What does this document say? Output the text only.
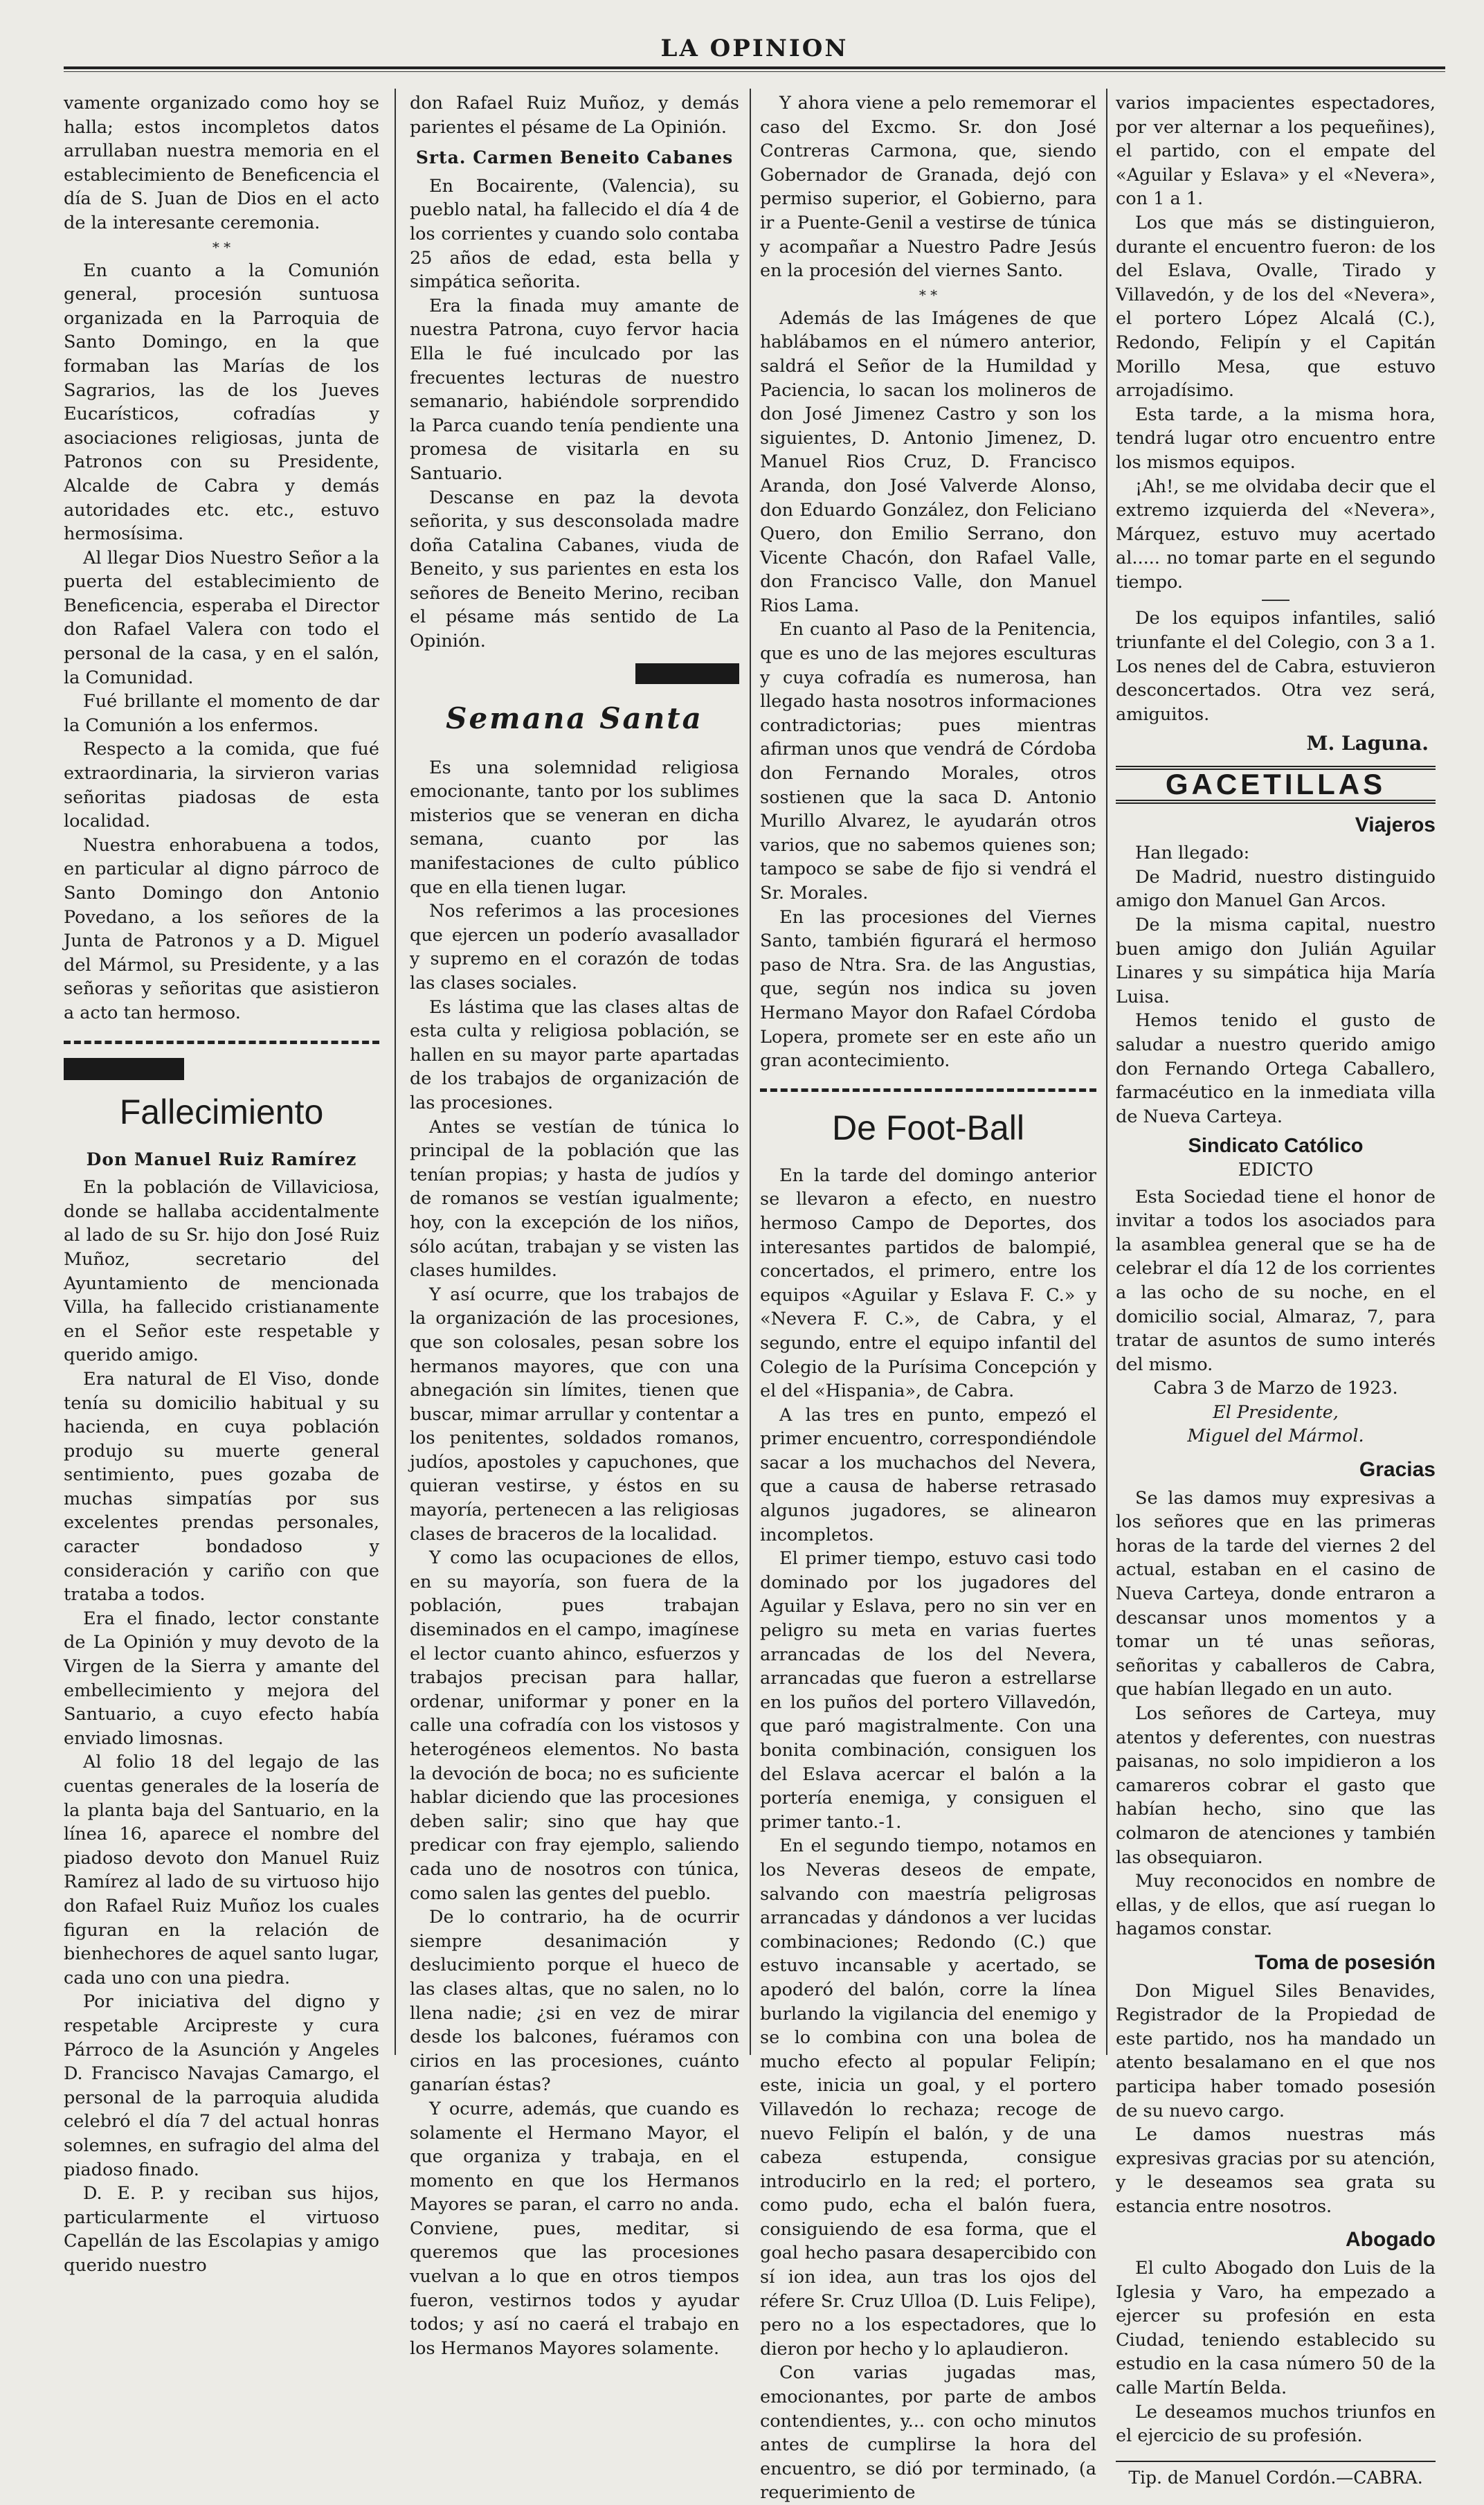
LA OPINION

vamente organizado como hoy se halla; estos incompletos datos arrullaban nuestra memoria en el establecimiento de Beneficencia el día de S. Juan de Dios en el acto de la interesante ceremonia.

* *

En cuanto a la Comunión general, procesión suntuosa organizada en la Parroquia de Santo Domingo, en la que formaban las Marías de los Sagrarios, las de los Jueves Eucarísticos, cofradías y asociaciones religiosas, junta de Patronos con su Presidente, Alcalde de Cabra y demás autoridades etc. etc., estuvo hermosísima.

Al llegar Dios Nuestro Señor a la puerta del establecimiento de Beneficencia, esperaba el Director don Rafael Valera con todo el personal de la casa, y en el salón, la Comunidad.

Fué brillante el momento de dar la Comunión a los enfermos.

Respecto a la comida, que fué extraordinaria, la sirvieron varias señoritas piadosas de esta localidad.

Nuestra enhorabuena a todos, en particular al digno párroco de Santo Domingo don Antonio Povedano, a los señores de la Junta de Patronos y a D. Miguel del Mármol, su Presidente, y a las señoras y señoritas que asistieron a acto tan hermoso.

Fallecimiento
Don Manuel Ruiz Ramírez

En la población de Villaviciosa, donde se hallaba accidentalmente al lado de su Sr. hijo don José Ruiz Muñoz, secretario del Ayuntamiento de mencionada Villa, ha fallecido cristianamente en el Señor este respetable y querido amigo.

Era natural de El Viso, donde tenía su domicilio habitual y su hacienda, en cuya población produjo su muerte general sentimiento, pues gozaba de muchas simpatías por sus excelentes prendas personales, caracter bondadoso y consideración y cariño con que trataba a todos.

Era el finado, lector constante de La Opinión y muy devoto de la Virgen de la Sierra y amante del embellecimiento y mejora del Santuario, a cuyo efecto había enviado limosnas.

Al folio 18 del legajo de las cuentas generales de la losería de la planta baja del Santuario, en la línea 16, aparece el nombre del piadoso devoto don Manuel Ruiz Ramírez al lado de su virtuoso hijo don Rafael Ruiz Muñoz los cuales figuran en la relación de bienhechores de aquel santo lugar, cada uno con una piedra.

Por iniciativa del digno y respetable Arcipreste y cura Párroco de la Asunción y Angeles D. Francisco Navajas Camargo, el personal de la parroquia aludida celebró el día 7 del actual honras solemnes, en sufragio del alma del piadoso finado.

D. E. P. y reciban sus hijos, particularmente el virtuoso Capellán de las Escolapias y amigo querido nuestro

don Rafael Ruiz Muñoz, y demás parientes el pésame de La Opinión.

Srta. Carmen Beneito Cabanes

En Bocairente, (Valencia), su pueblo natal, ha fallecido el día 4 de los corrientes y cuando solo contaba 25 años de edad, esta bella y simpática señorita.

Era la finada muy amante de nuestra Patrona, cuyo fervor hacia Ella le fué inculcado por las frecuentes lecturas de nuestro semanario, habiéndole sorprendido la Parca cuando tenía pendiente una promesa de visitarla en su Santuario.

Descanse en paz la devota señorita, y sus desconsolada madre doña Catalina Cabanes, viuda de Beneito, y sus parientes en esta los señores de Beneito Merino, reciban el pésame más sentido de La Opinión.

Semana Santa

Es una solemnidad religiosa emocionante, tanto por los sublimes misterios que se veneran en dicha semana, cuanto por las manifestaciones de culto público que en ella tienen lugar.

Nos referimos a las procesiones que ejercen un poderío avasallador y supremo en el corazón de todas las clases sociales.

Es lástima que las clases altas de esta culta y religiosa población, se hallen en su mayor parte apartadas de los trabajos de organización de las procesiones.

Antes se vestían de túnica lo principal de la población que las tenían propias; y hasta de judíos y de romanos se vestían igualmente; hoy, con la excepción de los niños, sólo acútan, trabajan y se visten las clases humildes.

Y así ocurre, que los trabajos de la organización de las procesiones, que son colosales, pesan sobre los hermanos mayores, que con una abnegación sin límites, tienen que buscar, mimar arrullar y contentar a los penitentes, soldados romanos, judíos, apostoles y capuchones, que quieran vestirse, y éstos en su mayoría, pertenecen a las religiosas clases de braceros de la localidad.

Y como las ocupaciones de ellos, en su mayoría, son fuera de la población, pues trabajan diseminados en el campo, imagínese el lector cuanto ahinco, esfuerzos y trabajos precisan para hallar, ordenar, uniformar y poner en la calle una cofradía con los vistosos y heterogéneos elementos. No basta la devoción de boca; no es suficiente hablar diciendo que las procesiones deben salir; sino que hay que predicar con fray ejemplo, saliendo cada uno de nosotros con túnica, como salen las gentes del pueblo.

De lo contrario, ha de ocurrir siempre desanimación y deslucimiento porque el hueco de las clases altas, que no salen, no lo llena nadie; ¿si en vez de mirar desde los balcones, fuéramos con cirios en las procesiones, cuánto ganarían éstas?

Y ocurre, además, que cuando es solamente el Hermano Mayor, el que organiza y trabaja, en el momento en que los Hermanos Mayores se paran, el carro no anda. Conviene, pues, meditar, si queremos que las procesiones vuelvan a lo que en otros tiempos fueron, vestirnos todos y ayudar todos; y así no caerá el trabajo en los Hermanos Mayores solamente.

Y ahora viene a pelo rememorar el caso del Excmo. Sr. don José Contreras Carmona, que, siendo Gobernador de Granada, dejó con permiso superior, el Gobierno, para ir a Puente-Genil a vestirse de túnica y acompañar a Nuestro Padre Jesús en la procesión del viernes Santo.

* *

Además de las Imágenes de que hablábamos en el número anterior, saldrá el Señor de la Humildad y Paciencia, lo sacan los molineros de don José Jimenez Castro y son los siguientes, D. Antonio Jimenez, D. Manuel Rios Cruz, D. Francisco Aranda, don José Valverde Alonso, don Eduardo González, don Feliciano Quero, don Emilio Serrano, don Vicente Chacón, don Rafael Valle, don Francisco Valle, don Manuel Rios Lama.

En cuanto al Paso de la Penitencia, que es uno de las mejores esculturas y cuya cofradía es numerosa, han llegado hasta nosotros informaciones contradictorias; pues mientras afirman unos que vendrá de Córdoba don Fernando Morales, otros sostienen que la saca D. Antonio Murillo Alvarez, le ayudarán otros varios, que no sabemos quienes son; tampoco se sabe de fijo si vendrá el Sr. Morales.

En las procesiones del Viernes Santo, también figurará el hermoso paso de Ntra. Sra. de las Angustias, que, según nos indica su joven Hermano Mayor don Rafael Córdoba Lopera, promete ser en este año un gran acontecimiento.

De Foot-Ball

En la tarde del domingo anterior se llevaron a efecto, en nuestro hermoso Campo de Deportes, dos interesantes partidos de balompié, concertados, el primero, entre los equipos «Aguilar y Eslava F. C.» y «Nevera F. C.», de Cabra, y el segundo, entre el equipo infantil del Colegio de la Purísima Concepción y el del «Hispania», de Cabra.

A las tres en punto, empezó el primer encuentro, correspondiéndole sacar a los muchachos del Nevera, que a causa de haberse retrasado algunos jugadores, se alinearon incompletos.

El primer tiempo, estuvo casi todo dominado por los jugadores del Aguilar y Eslava, pero no sin ver en peligro su meta en varias fuertes arrancadas de los del Nevera, arrancadas que fueron a estrellarse en los puños del portero Villavedón, que paró magistralmente. Con una bonita combinación, consiguen los del Eslava acercar el balón a la portería enemiga, y consiguen el primer tanto.-1.

En el segundo tiempo, notamos en los Neveras deseos de empate, salvando con maestría peligrosas arrancadas y dándonos a ver lucidas combinaciones; Redondo (C.) que estuvo incansable y acertado, se apoderó del balón, corre la línea burlando la vigilancia del enemigo y se lo combina con una bolea de mucho efecto al popular Felipín; este, inicia un goal, y el portero Villavedón lo rechaza; recoge de nuevo Felipín el balón, y de una cabeza estupenda, consigue introducirlo en la red; el portero, como pudo, echa el balón fuera, consiguiendo de esa forma, que el goal hecho pasara desapercibido con sí ion idea, aun tras los ojos del réfere Sr. Cruz Ulloa (D. Luis Felipe), pero no a los espectadores, que lo dieron por hecho y lo aplaudieron.

Con varias jugadas mas, emocionantes, por parte de ambos contendientes, y... con ocho minutos antes de cumplirse la hora del encuentro, se dió por terminado, (a requerimiento de

varios impacientes espectadores, por ver alternar a los pequeñines), el partido, con el empate del «Aguilar y Eslava» y el «Nevera», con 1 a 1.

Los que más se distinguieron, durante el encuentro fueron: de los del Eslava, Ovalle, Tirado y Villavedón, y de los del «Nevera», el portero López Alcalá (C.), Redondo, Felipín y el Capitán Morillo Mesa, que estuvo arrojadísimo.

Esta tarde, a la misma hora, tendrá lugar otro encuentro entre los mismos equipos.

¡Ah!, se me olvidaba decir que el extremo izquierda del «Nevera», Márquez, estuvo muy acertado al..... no tomar parte en el segundo tiempo.

De los equipos infantiles, salió triunfante el del Colegio, con 3 a 1. Los nenes del de Cabra, estuvieron desconcertados. Otra vez será, amiguitos.

M. Laguna.
GACETILLAS
Viajeros

Han llegado:

De Madrid, nuestro distinguido amigo don Manuel Gan Arcos.

De la misma capital, nuestro buen amigo don Julián Aguilar Linares y su simpática hija María Luisa.

Hemos tenido el gusto de saludar a nuestro querido amigo don Fernando Ortega Caballero, farmacéutico en la inmediata villa de Nueva Carteya.

Sindicato Católico
EDICTO

Esta Sociedad tiene el honor de invitar a todos los asociados para la asamblea general que se ha de celebrar el día 12 de los corrientes a las ocho de su noche, en el domicilio social, Almaraz, 7, para tratar de asuntos de sumo interés del mismo.

Cabra 3 de Marzo de 1923.

El Presidente,

Miguel del Mármol.

Gracias

Se las damos muy expresivas a los señores que en las primeras horas de la tarde del viernes 2 del actual, estaban en el casino de Nueva Carteya, donde entraron a descansar unos momentos y a tomar un té unas señoras, señoritas y caballeros de Cabra, que habían llegado en un auto.

Los señores de Carteya, muy atentos y deferentes, con nuestras paisanas, no solo impidieron a los camareros cobrar el gasto que habían hecho, sino que las colmaron de atenciones y también las obsequiaron.

Muy reconocidos en nombre de ellas, y de ellos, que así ruegan lo hagamos constar.

Toma de posesión

Don Miguel Siles Benavides, Registrador de la Propiedad de este partido, nos ha mandado un atento besalamano en el que nos participa haber tomado posesión de su nuevo cargo.

Le damos nuestras más expresivas gracias por su atención, y le deseamos sea grata su estancia entre nosotros.

Abogado

El culto Abogado don Luis de la Iglesia y Varo, ha empezado a ejercer su profesión en esta Ciudad, teniendo establecido su estudio en la casa número 50 de la calle Martín Belda.

Le deseamos muchos triunfos en el ejercicio de su profesión.

Tip. de Manuel Cordón.—CABRA.
